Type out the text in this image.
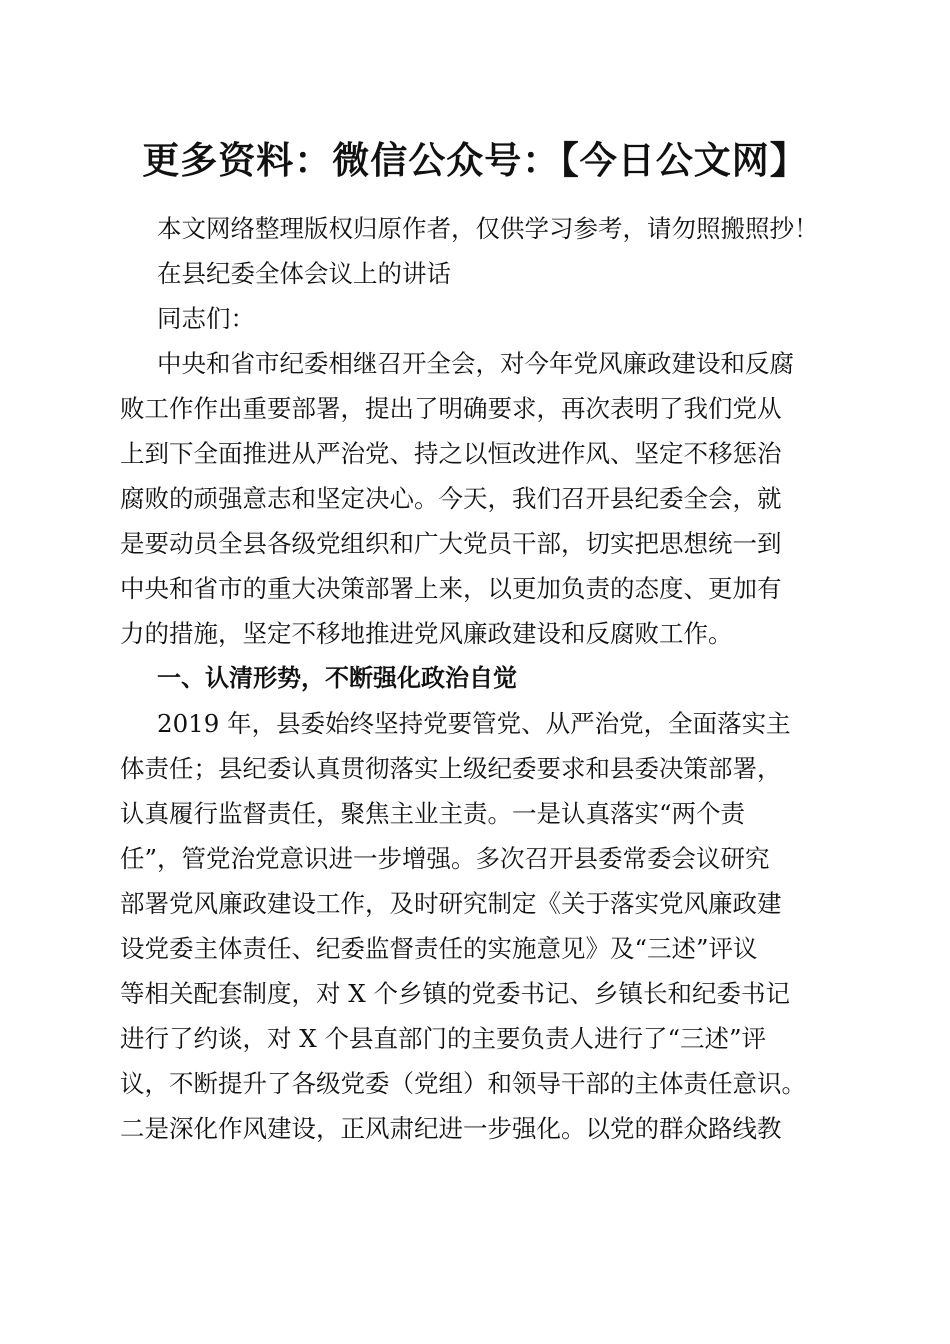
更多资料：微信公众号：【今日公文网】
本文网络整理版权归原作者，仅供学习参考，请勿照搬照抄！
在县纪委全体会议上的讲话
同志们：
中央和省市纪委相继召开全会，对今年党风廉政建设和反腐
败工作作出重要部署，提出了明确要求，再次表明了我们党从
上到下全面推进从严治党、持之以恒改进作风、坚定不移惩治
腐败的顽强意志和坚定决心。今天，我们召开县纪委全会，就
是要动员全县各级党组织和广大党员干部，切实把思想统一到
中央和省市的重大决策部署上来，以更加负责的态度、更加有
力的措施，坚定不移地推进党风廉政建设和反腐败工作。
一、认清形势，不断强化政治自觉
2019 年，县委始终坚持党要管党、从严治党，全面落实主
体责任；县纪委认真贯彻落实上级纪委要求和县委决策部署，
认真履行监督责任，聚焦主业主责。一是认真落实“两个责
任”，管党治党意识进一步增强。多次召开县委常委会议研究
部署党风廉政建设工作，及时研究制定《关于落实党风廉政建
设党委主体责任、纪委监督责任的实施意见》及“三述”评议
等相关配套制度，对 X 个乡镇的党委书记、乡镇长和纪委书记
进行了约谈，对 X 个县直部门的主要负责人进行了“三述”评
议，不断提升了各级党委（党组）和领导干部的主体责任意识。
二是深化作风建设，正风肃纪进一步强化。以党的群众路线教
